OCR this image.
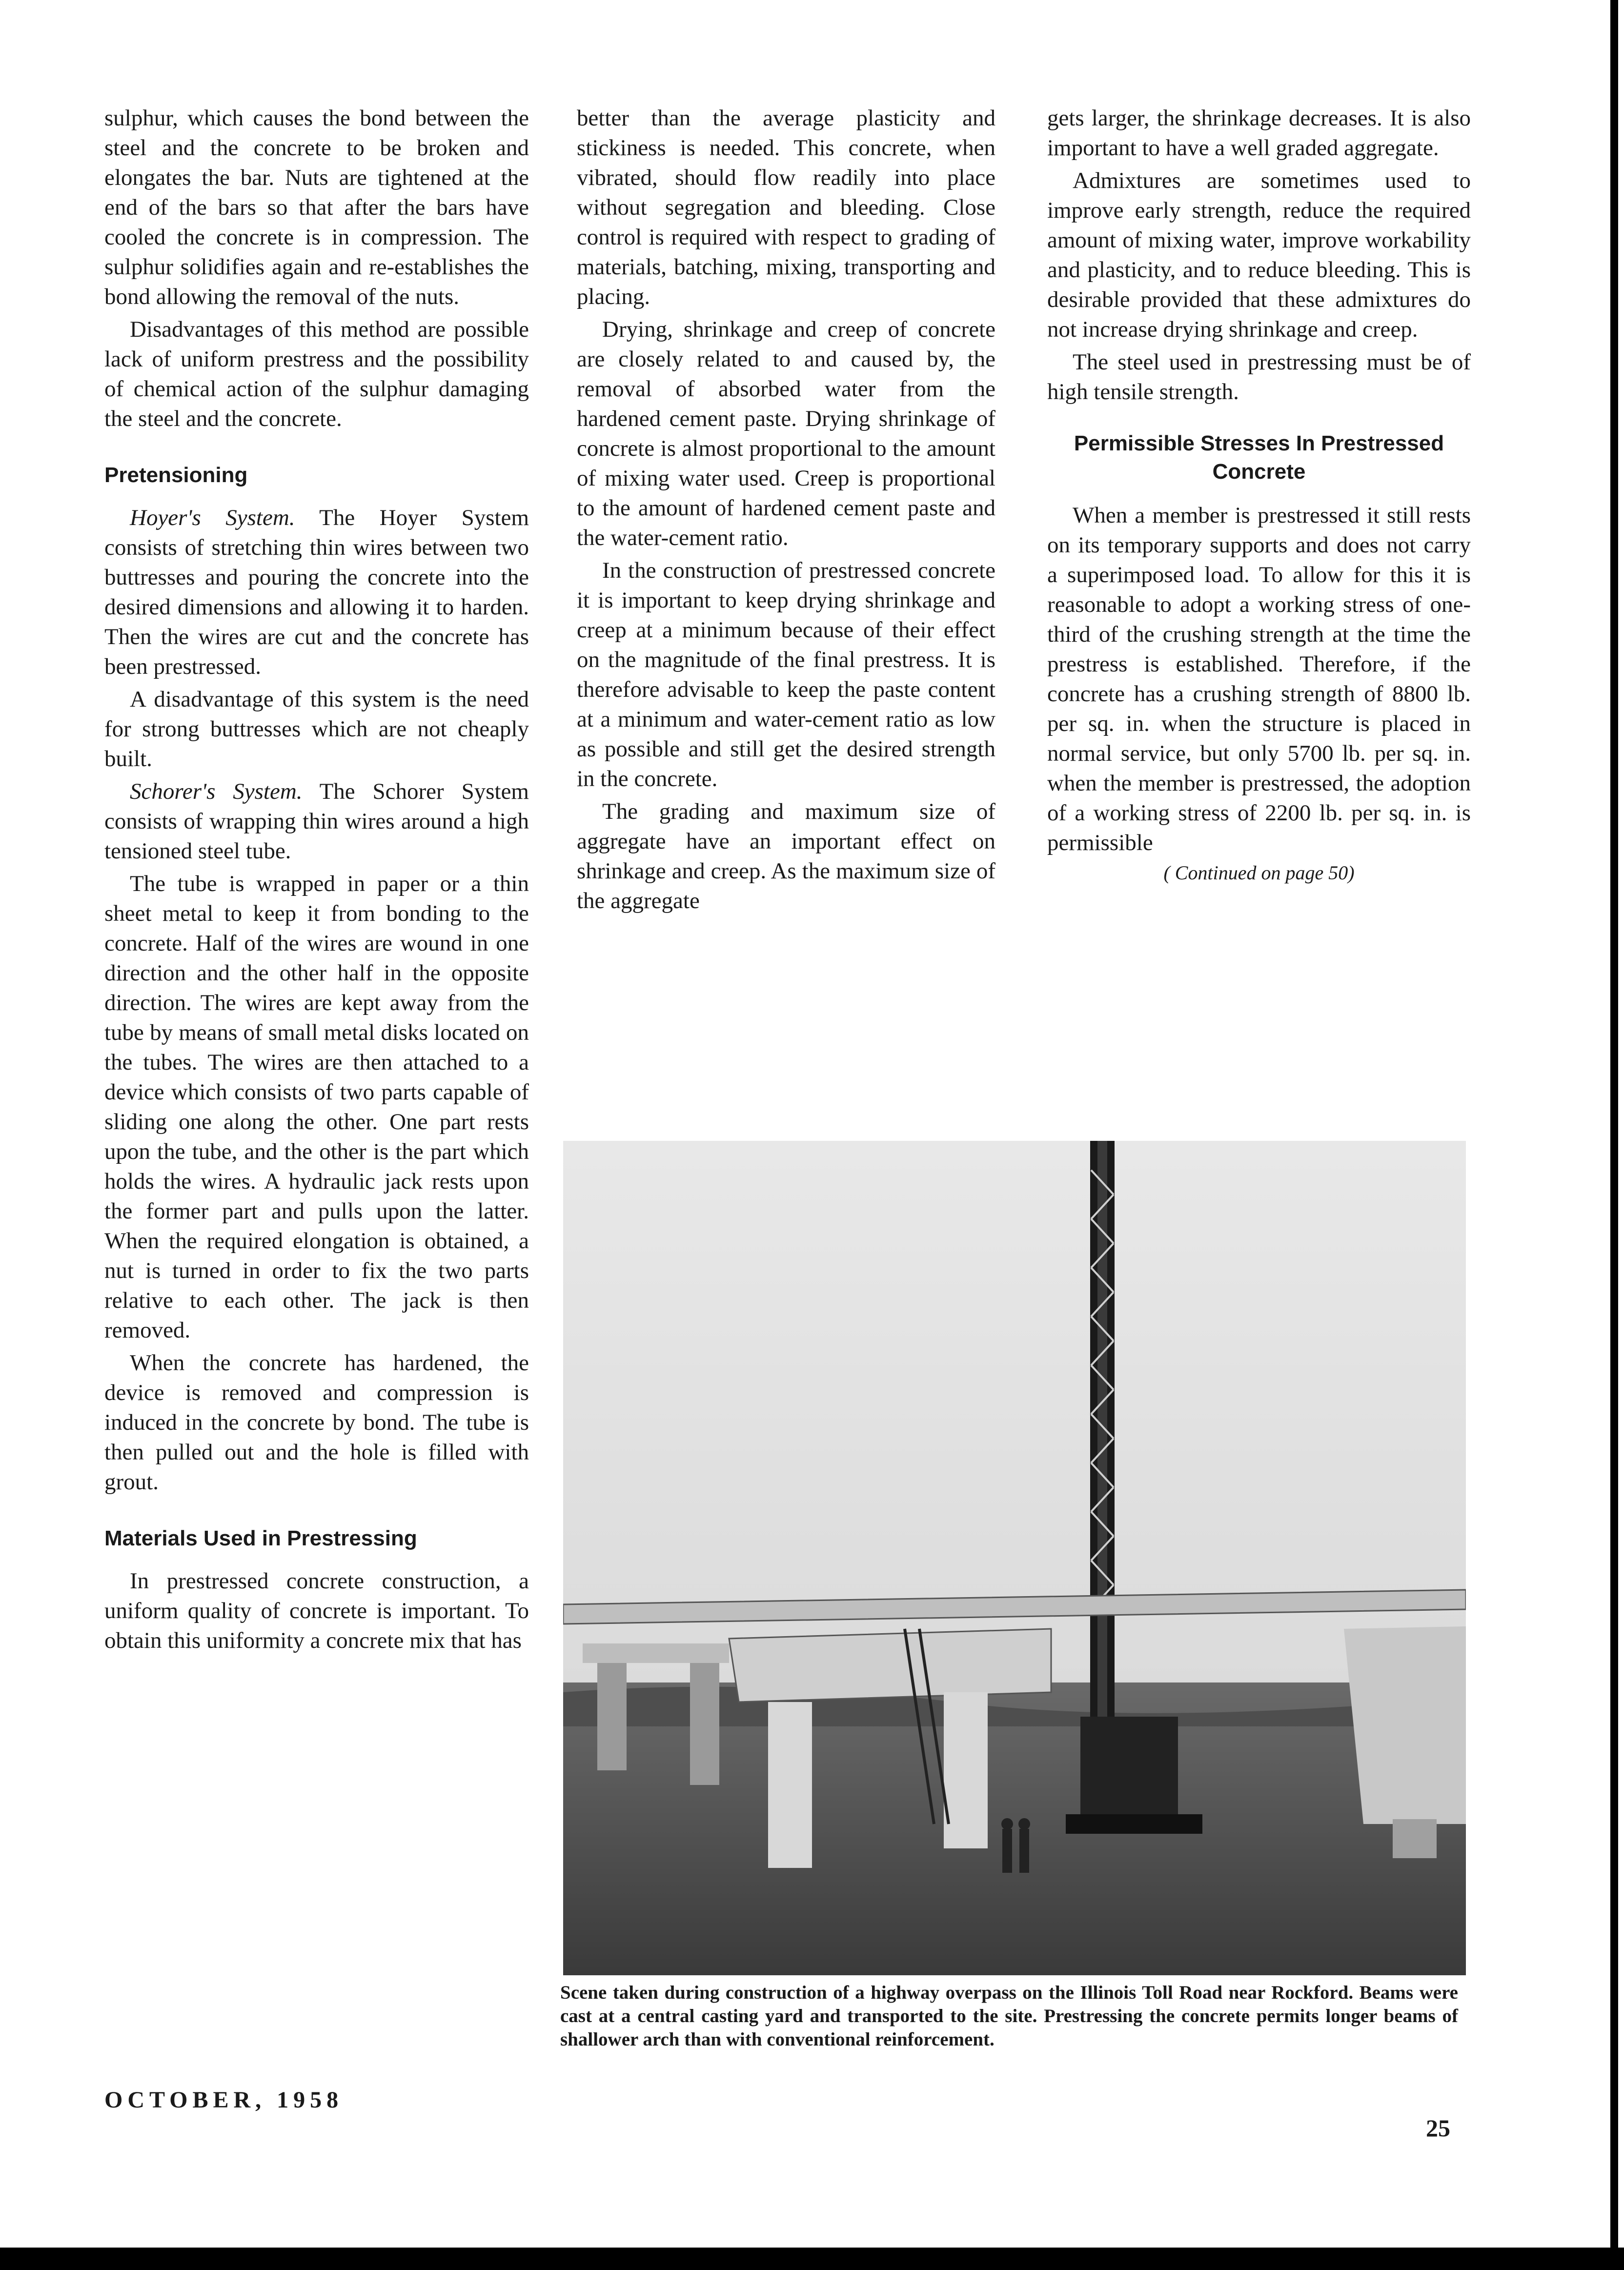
sulphur, which causes the bond between the steel and the concrete to be broken and elongates the bar. Nuts are tightened at the end of the bars so that after the bars have cooled the concrete is in compression. The sulphur solidifies again and re-establishes the bond allowing the removal of the nuts.

Disadvantages of this method are possible lack of uniform prestress and the possibility of chemical action of the sulphur damaging the steel and the concrete.

Pretensioning

Hoyer's System. The Hoyer System consists of stretching thin wires between two buttresses and pouring the concrete into the desired dimensions and allowing it to harden. Then the wires are cut and the concrete has been prestressed.

A disadvantage of this system is the need for strong buttresses which are not cheaply built.

Schorer's System. The Schorer System consists of wrapping thin wires around a high tensioned steel tube.

The tube is wrapped in paper or a thin sheet metal to keep it from bonding to the concrete. Half of the wires are wound in one direction and the other half in the opposite direction. The wires are kept away from the tube by means of small metal disks located on the tubes. The wires are then attached to a device which consists of two parts capable of sliding one along the other. One part rests upon the tube, and the other is the part which holds the wires. A hydraulic jack rests upon the former part and pulls upon the latter. When the required elongation is obtained, a nut is turned in order to fix the two parts relative to each other. The jack is then removed.

When the concrete has hardened, the device is removed and compression is induced in the concrete by bond. The tube is then pulled out and the hole is filled with grout.

Materials Used in Prestressing

In prestressed concrete construction, a uniform quality of concrete is important. To obtain this uniformity a concrete mix that has

better than the average plasticity and stickiness is needed. This concrete, when vibrated, should flow readily into place without segregation and bleeding. Close control is required with respect to grading of materials, batching, mixing, transporting and placing.

Drying, shrinkage and creep of concrete are closely related to and caused by, the removal of absorbed water from the hardened cement paste. Drying shrinkage of concrete is almost proportional to the amount of mixing water used. Creep is proportional to the amount of hardened cement paste and the water-cement ratio.

In the construction of prestressed concrete it is important to keep drying shrinkage and creep at a minimum because of their effect on the magnitude of the final prestress. It is therefore advisable to keep the paste content at a minimum and water-cement ratio as low as possible and still get the desired strength in the concrete.

The grading and maximum size of aggregate have an important effect on shrinkage and creep. As the maximum size of the aggregate

gets larger, the shrinkage decreases. It is also important to have a well graded aggregate.

Admixtures are sometimes used to improve early strength, reduce the required amount of mixing water, improve workability and plasticity, and to reduce bleeding. This is desirable provided that these admixtures do not increase drying shrinkage and creep.

The steel used in prestressing must be of high tensile strength.

Permissible Stresses In Prestressed Concrete

When a member is prestressed it still rests on its temporary supports and does not carry a superimposed load. To allow for this it is reasonable to adopt a working stress of one-third of the crushing strength at the time the prestress is established. Therefore, if the concrete has a crushing strength of 8800 lb. per sq. in. when the structure is placed in normal service, but only 5700 lb. per sq. in. when the member is prestressed, the adoption of a working stress of 2200 lb. per sq. in. is permissible

( Continued on page 50)
Scene taken during construction of a highway overpass on the Illinois Toll Road near Rockford. Beams were cast at a central casting yard and transported to the site. Prestressing the concrete permits longer beams of shallower arch than with conventional reinforcement.
OCTOBER, 1958
25
